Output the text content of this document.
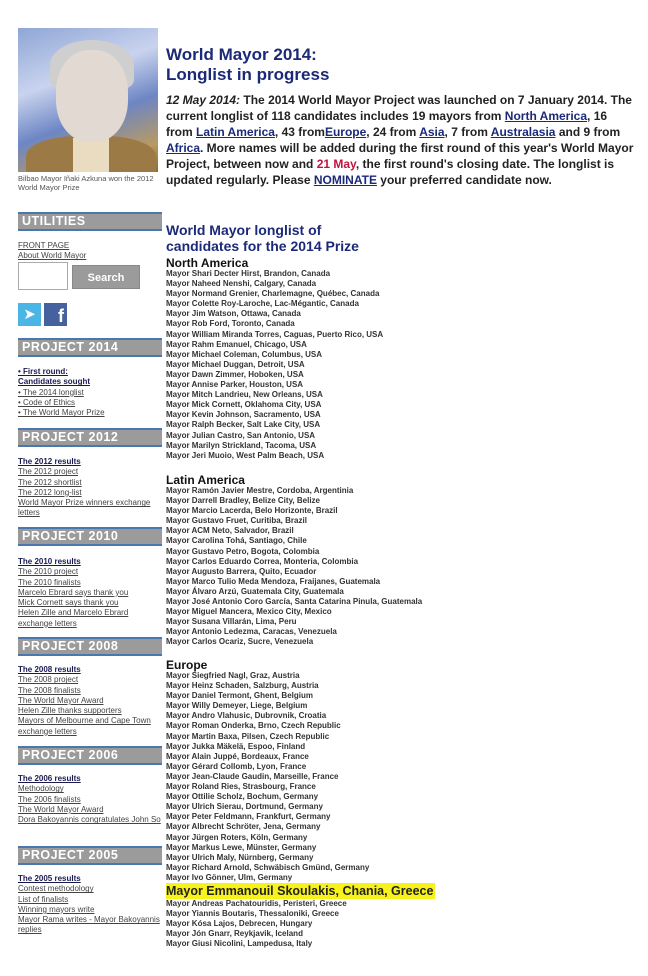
Bilbao Mayor Iñaki Azkuna won the 2012 World Mayor Prize
World Mayor 2014:
Longlist in progress
12 May 2014: The 2014 World Mayor Project was launched on 7 January 2014. The current longlist of 118 candidates includes 19 mayors from North America, 16 from Latin America, 43 fromEurope, 24 from Asia, 7 from Australasia and 9 from Africa. More names will be added during the first round of this year's World Mayor Project, between now and 21 May, the first round's closing date. The longlist is updated regularly. Please NOMINATE your preferred candidate now.
UTILITIES
FRONT PAGE
About World Mayor
Search
➤	f
PROJECT 2014
• First round:
Candidates sought
• The 2014 longlist
• Code of Ethics
• The World Mayor Prize
PROJECT 2012
The 2012 results
The 2012 project
The 2012 shortlist
The 2012 long-list
World Mayor Prize winners exchange letters
PROJECT 2010
The 2010 results
The 2010 project
The 2010 finalists
Marcelo Ebrard says thank you
Mick Cornett says thank you
Helen Zille and Marcelo Ebrard exchange letters
PROJECT 2008
The 2008 results
The 2008 project
The 2008 finalists
The World Mayor Award
Helen Zille thanks supporters
Mayors of Melbourne and Cape Town exchange letters
PROJECT 2006
The 2006 results
Methodology
The 2006 finalists
The World Mayor Award
Dora Bakoyannis congratulates John So
PROJECT 2005
The 2005 results
Contest methodology
List of finalists
Winning mayors write
Mayor Rama writes - Mayor Bakoyannis replies
World Mayor longlist of
candidates for the 2014 Prize
North America
Mayor Shari Decter Hirst, Brandon, Canada
Mayor Naheed Nenshi, Calgary, Canada
Mayor Normand Grenier, Charlemagne, Québec, Canada
Mayor Colette Roy-Laroche, Lac-Mégantic, Canada
Mayor Jim Watson, Ottawa, Canada
Mayor Rob Ford, Toronto, Canada
Mayor William Miranda Torres, Caguas, Puerto Rico, USA
Mayor Rahm Emanuel, Chicago, USA
Mayor Michael Coleman, Columbus, USA
Mayor Michael Duggan, Detroit, USA
Mayor Dawn Zimmer, Hoboken, USA
Mayor Annise Parker, Houston, USA
Mayor Mitch Landrieu, New Orleans, USA
Mayor Mick Cornett, Oklahoma City, USA
Mayor Kevin Johnson, Sacramento, USA
Mayor Ralph Becker, Salt Lake City, USA
Mayor Julian Castro, San Antonio, USA
Mayor Marilyn Strickland, Tacoma, USA
Mayor Jeri Muoio, West Palm Beach, USA
Latin America
Mayor Ramón Javier Mestre, Cordoba, Argentinia
Mayor Darrell Bradley, Belize City, Belize
Mayor Marcio Lacerda, Belo Horizonte, Brazil
Mayor Gustavo Fruet, Curitiba, Brazil
Mayor ACM Neto, Salvador, Brazil
Mayor Carolina Tohá, Santiago, Chile
Mayor Gustavo Petro, Bogota, Colombia
Mayor Carlos Eduardo Correa, Monteria, Colombia
Mayor Augusto Barrera, Quito, Ecuador
Mayor Marco Tulio Meda Mendoza, Fraijanes, Guatemala
Mayor Álvaro Arzú, Guatemala City, Guatemala
Mayor José Antonio Coro García, Santa Catarina Pinula, Guatemala
Mayor Miguel Mancera, Mexico City, Mexico
Mayor Susana Villarán, Lima, Peru
Mayor Antonio Ledezma, Caracas, Venezuela
Mayor Carlos Ocariz, Sucre, Venezuela
Europe
Mayor Siegfried Nagl, Graz, Austria
Mayor Heinz Schaden, Salzburg, Austria
Mayor Daniel Termont, Ghent, Belgium
Mayor Willy Demeyer, Liege, Belgium
Mayor Andro Vlahusic, Dubrovnik, Croatia
Mayor Roman Onderka, Brno, Czech Republic
Mayor Martin Baxa, Pilsen, Czech Republic
Mayor Jukka Mäkelä, Espoo, Finland
Mayor Alain Juppé, Bordeaux, France
Mayor Gérard Collomb, Lyon, France
Mayor Jean-Claude Gaudin, Marseille, France
Mayor Roland Ries, Strasbourg, France
Mayor Ottilie Scholz, Bochum, Germany
Mayor Ulrich Sierau, Dortmund, Germany
Mayor Peter Feldmann, Frankfurt, Germany
Mayor Albrecht Schröter, Jena, Germany
Mayor Jürgen Roters, Köln, Germany
Mayor Markus Lewe, Münster, Germany
Mayor Ulrich Maly, Nürnberg, Germany
Mayor Richard Arnold, Schwäbisch Gmünd, Germany
Mayor Ivo Gönner, Ulm, Germany
Mayor Emmanouil Skoulakis, Chania, Greece
Mayor Andreas Pachatouridis, Peristeri, Greece
Mayor Yiannis Boutaris, Thessaloniki, Greece
Mayor Kósa Lajos, Debrecen, Hungary
Mayor Jón Gnarr, Reykjavik, Iceland
Mayor Giusi Nicolini, Lampedusa, Italy
